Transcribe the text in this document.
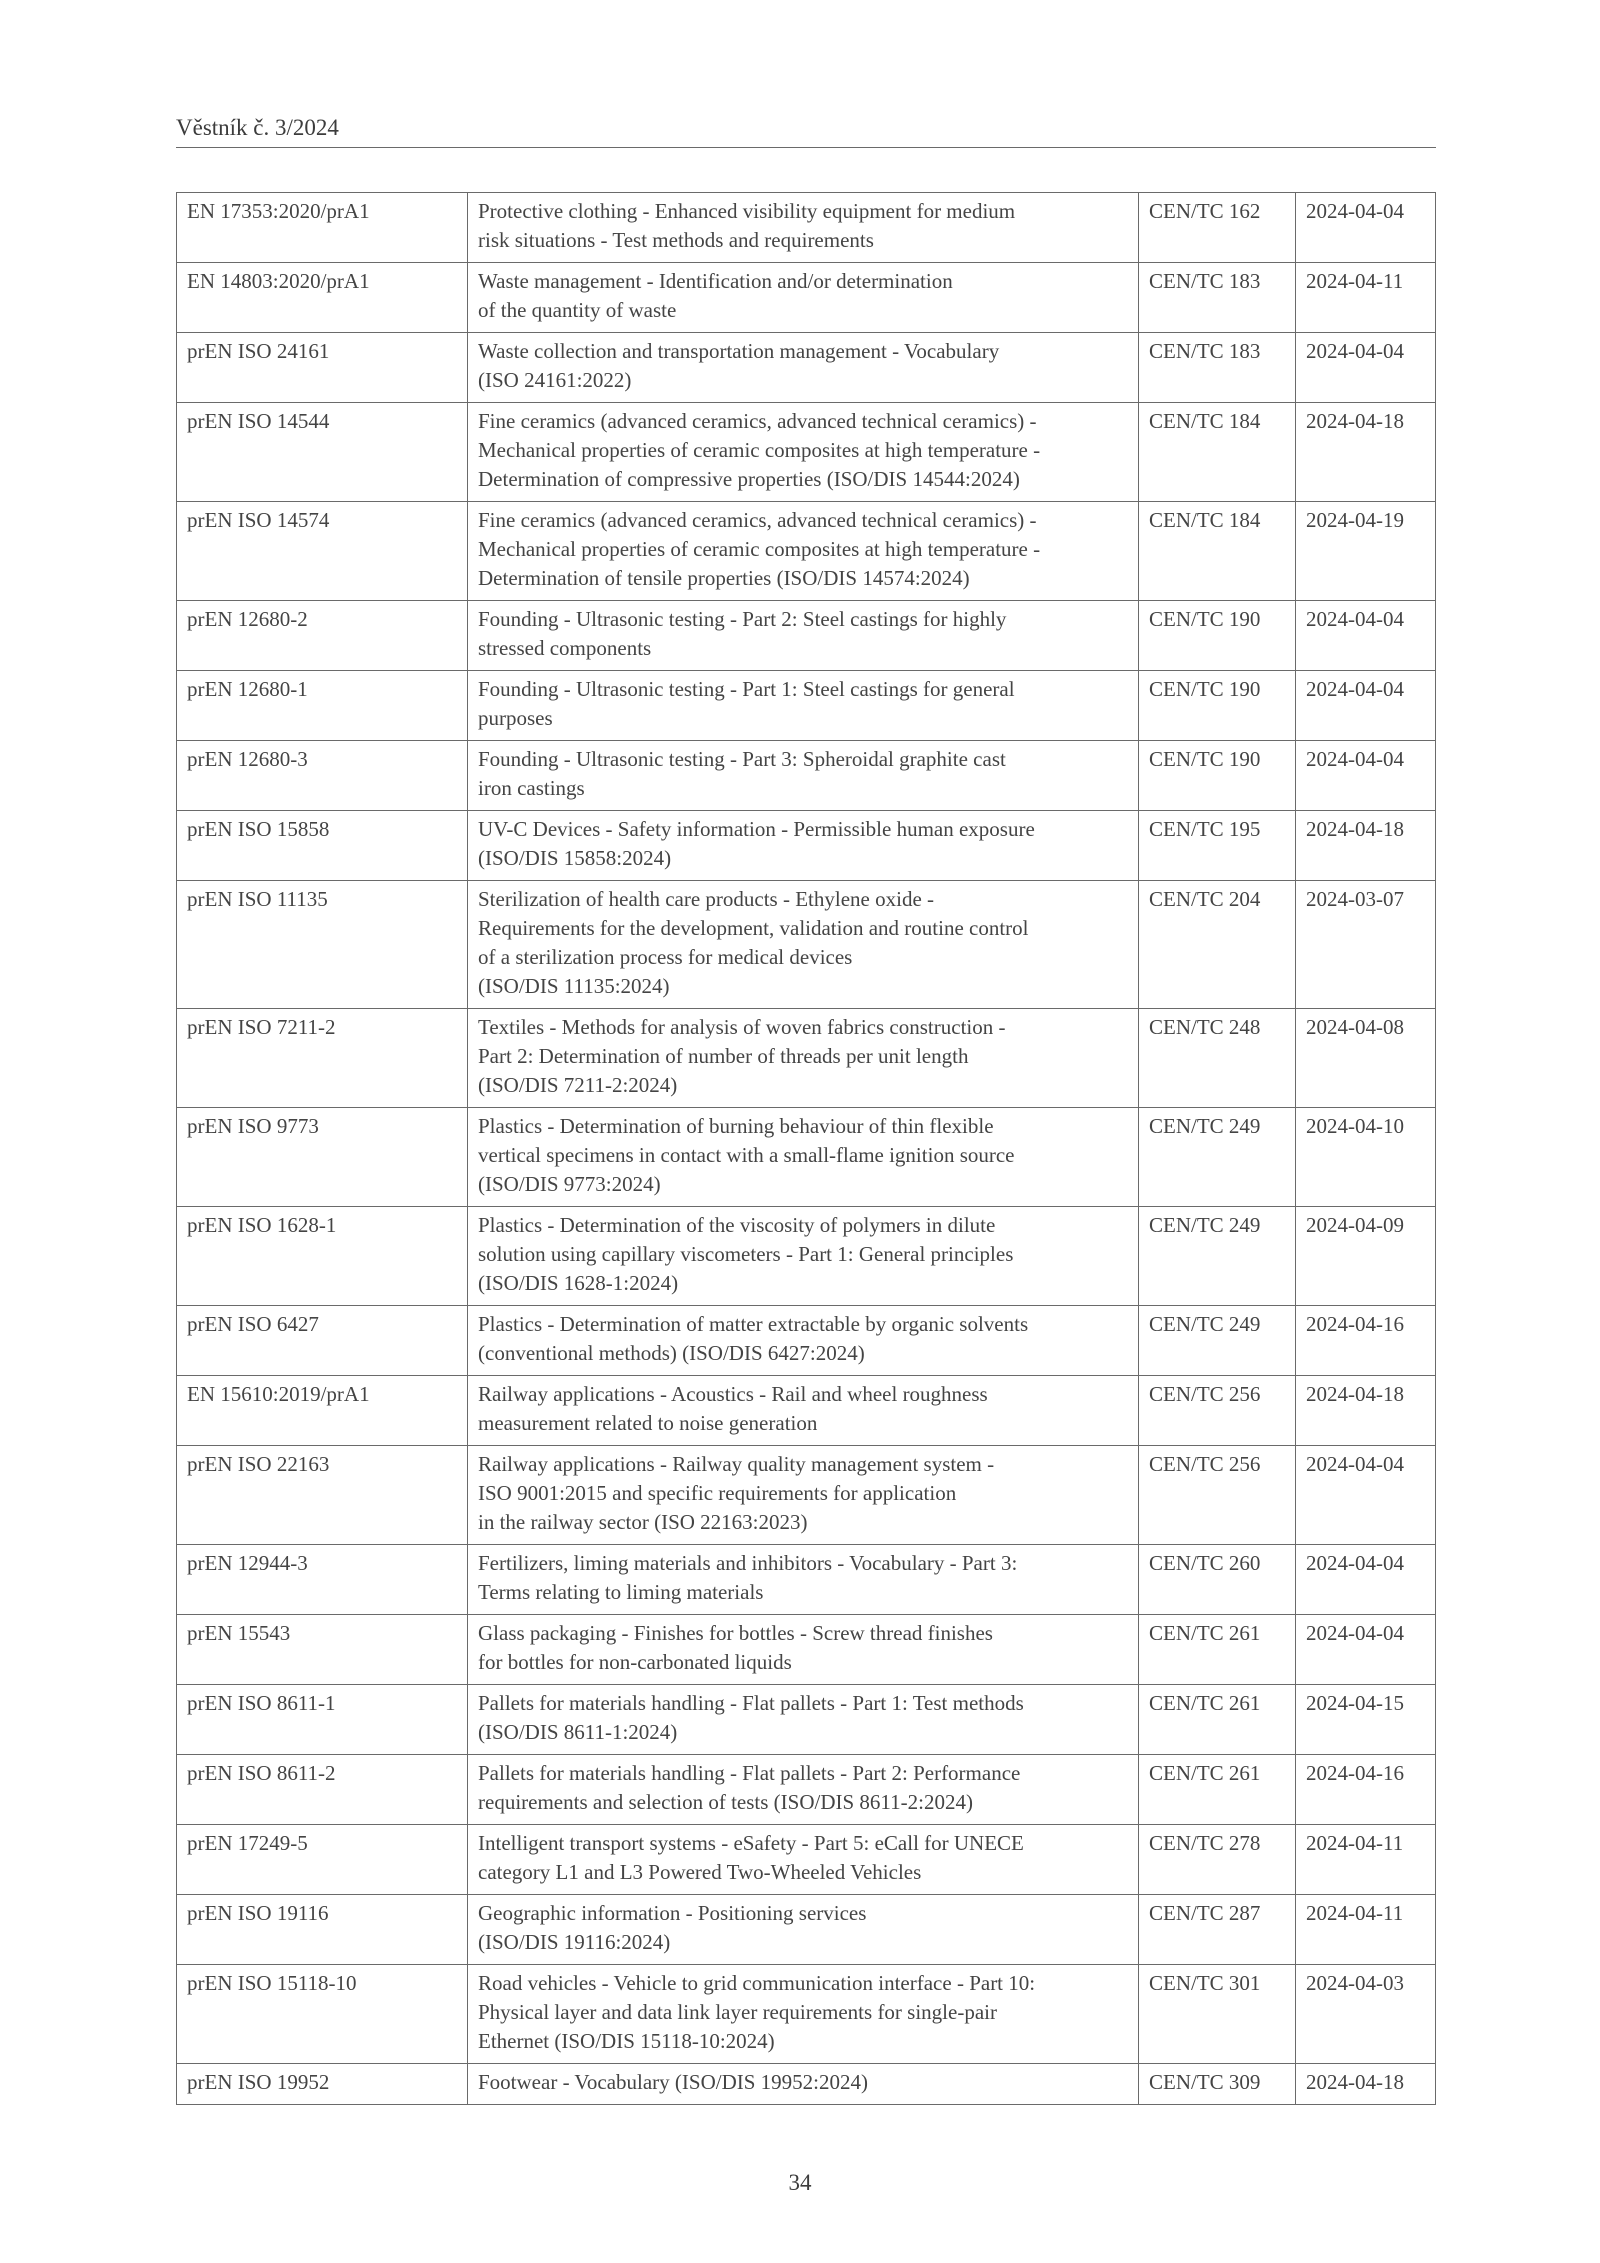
Věstník č. 3/2024
EN 17353:2020/prA1	Protective clothing - Enhanced visibility equipment for medium
risk situations - Test methods and requirements	CEN/TC 162	2024-04-04
EN 14803:2020/prA1	Waste management - Identification and/or determination
of the quantity of waste	CEN/TC 183	2024-04-11
prEN ISO 24161	Waste collection and transportation management - Vocabulary
(ISO 24161:2022)	CEN/TC 183	2024-04-04
prEN ISO 14544	Fine ceramics (advanced ceramics, advanced technical ceramics) -
Mechanical properties of ceramic composites at high temperature -
Determination of compressive properties (ISO/DIS 14544:2024)	CEN/TC 184	2024-04-18
prEN ISO 14574	Fine ceramics (advanced ceramics, advanced technical ceramics) -
Mechanical properties of ceramic composites at high temperature -
Determination of tensile properties (ISO/DIS 14574:2024)	CEN/TC 184	2024-04-19
prEN 12680-2	Founding - Ultrasonic testing - Part 2: Steel castings for highly
stressed components	CEN/TC 190	2024-04-04
prEN 12680-1	Founding - Ultrasonic testing - Part 1: Steel castings for general
purposes	CEN/TC 190	2024-04-04
prEN 12680-3	Founding - Ultrasonic testing - Part 3: Spheroidal graphite cast
iron castings	CEN/TC 190	2024-04-04
prEN ISO 15858	UV-C Devices - Safety information - Permissible human exposure
(ISO/DIS 15858:2024)	CEN/TC 195	2024-04-18
prEN ISO 11135	Sterilization of health care products - Ethylene oxide -
Requirements for the development, validation and routine control
of a sterilization process for medical devices
(ISO/DIS 11135:2024)	CEN/TC 204	2024-03-07
prEN ISO 7211-2	Textiles - Methods for analysis of woven fabrics construction -
Part 2: Determination of number of threads per unit length
(ISO/DIS 7211-2:2024)	CEN/TC 248	2024-04-08
prEN ISO 9773	Plastics - Determination of burning behaviour of thin flexible
vertical specimens in contact with a small-flame ignition source
(ISO/DIS 9773:2024)	CEN/TC 249	2024-04-10
prEN ISO 1628-1	Plastics - Determination of the viscosity of polymers in dilute
solution using capillary viscometers - Part 1: General principles
(ISO/DIS 1628-1:2024)	CEN/TC 249	2024-04-09
prEN ISO 6427	Plastics - Determination of matter extractable by organic solvents
(conventional methods) (ISO/DIS 6427:2024)	CEN/TC 249	2024-04-16
EN 15610:2019/prA1	Railway applications - Acoustics - Rail and wheel roughness
measurement related to noise generation	CEN/TC 256	2024-04-18
prEN ISO 22163	Railway applications - Railway quality management system -
ISO 9001:2015 and specific requirements for application
in the railway sector (ISO 22163:2023)	CEN/TC 256	2024-04-04
prEN 12944-3	Fertilizers, liming materials and inhibitors - Vocabulary - Part 3:
Terms relating to liming materials	CEN/TC 260	2024-04-04
prEN 15543	Glass packaging - Finishes for bottles - Screw thread finishes
for bottles for non-carbonated liquids	CEN/TC 261	2024-04-04
prEN ISO 8611-1	Pallets for materials handling - Flat pallets - Part 1: Test methods
(ISO/DIS 8611-1:2024)	CEN/TC 261	2024-04-15
prEN ISO 8611-2	Pallets for materials handling - Flat pallets - Part 2: Performance
requirements and selection of tests (ISO/DIS 8611-2:2024)	CEN/TC 261	2024-04-16
prEN 17249-5	Intelligent transport systems - eSafety - Part 5: eCall for UNECE
category L1 and L3 Powered Two-Wheeled Vehicles	CEN/TC 278	2024-04-11
prEN ISO 19116	Geographic information - Positioning services
(ISO/DIS 19116:2024)	CEN/TC 287	2024-04-11
prEN ISO 15118-10	Road vehicles - Vehicle to grid communication interface - Part 10:
Physical layer and data link layer requirements for single-pair
Ethernet (ISO/DIS 15118-10:2024)	CEN/TC 301	2024-04-03
prEN ISO 19952	Footwear - Vocabulary (ISO/DIS 19952:2024)	CEN/TC 309	2024-04-18
34
